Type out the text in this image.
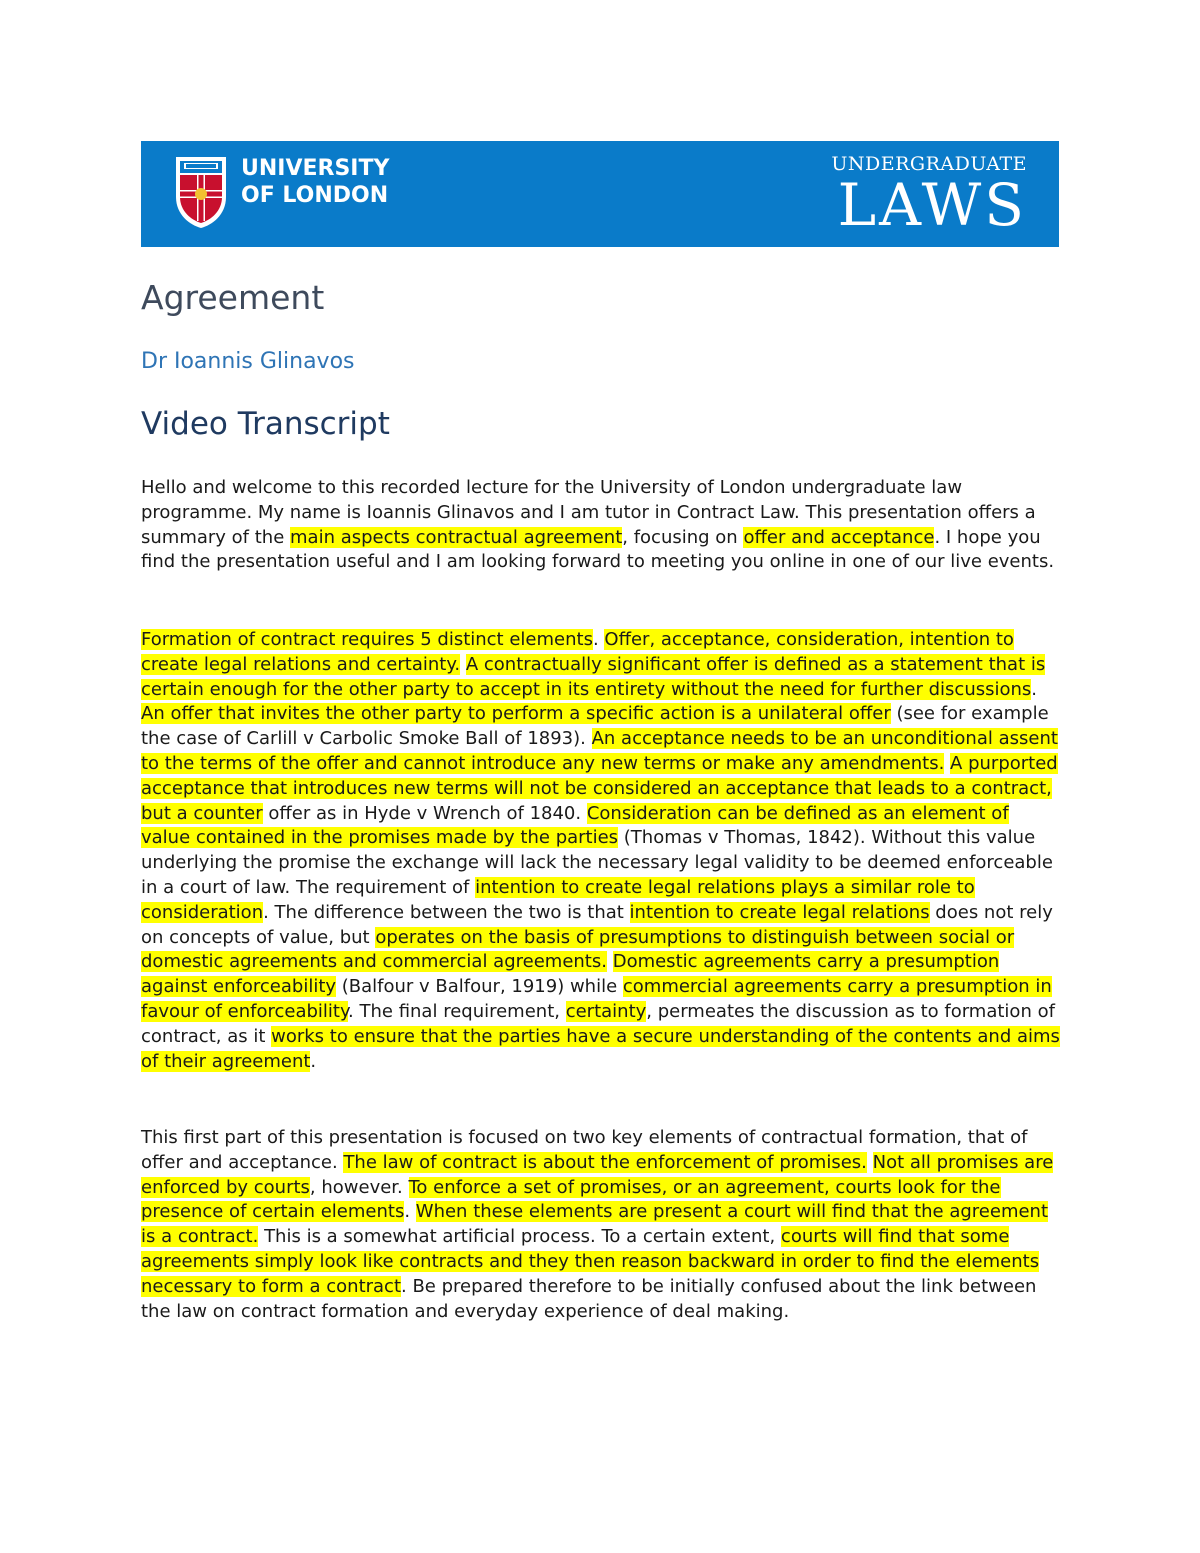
UNIVERSITY
OF LONDON
UNDERGRADUATE
LAWS
Agreement
Dr Ioannis Glinavos
Video Transcript

Hello and welcome to this recorded lecture for the University of London undergraduate law programme. My name is Ioannis Glinavos and I am tutor in Contract Law. This presentation offers a summary of the main aspects contractual agreement, focusing on offer and acceptance. I hope you find the presentation useful and I am looking forward to meeting you online in one of our live events.

Formation of contract requires 5 distinct elements. Offer, acceptance, consideration, intention to create legal relations and certainty. A contractually significant offer is defined as a statement that is certain enough for the other party to accept in its entirety without the need for further discussions. An offer that invites the other party to perform a specific action is a unilateral offer (see for example the case of Carlill v Carbolic Smoke Ball of 1893). An acceptance needs to be an unconditional assent to the terms of the offer and cannot introduce any new terms or make any amendments. A purported acceptance that introduces new terms will not be considered an acceptance that leads to a contract, but a counter offer as in Hyde v Wrench of 1840. Consideration can be defined as an element of value contained in the promises made by the parties (Thomas v Thomas, 1842). Without this value underlying the promise the exchange will lack the necessary legal validity to be deemed enforceable in a court of law. The requirement of intention to create legal relations plays a similar role to consideration. The difference between the two is that intention to create legal relations does not rely on concepts of value, but operates on the basis of presumptions to distinguish between social or domestic agreements and commercial agreements. Domestic agreements carry a presumption against enforceability (Balfour v Balfour, 1919) while commercial agreements carry a presumption in favour of enforceability. The final requirement, certainty, permeates the discussion as to formation of contract, as it works to ensure that the parties have a secure understanding of the contents and aims of their agreement.

This first part of this presentation is focused on two key elements of contractual formation, that of offer and acceptance. The law of contract is about the enforcement of promises. Not all promises are enforced by courts, however. To enforce a set of promises, or an agreement, courts look for the presence of certain elements. When these elements are present a court will find that the agreement is a contract. This is a somewhat artificial process. To a certain extent, courts will find that some agreements simply look like contracts and they then reason backward in order to find the elements necessary to form a contract. Be prepared therefore to be initially confused about the link between the law on contract formation and everyday experience of deal making.
